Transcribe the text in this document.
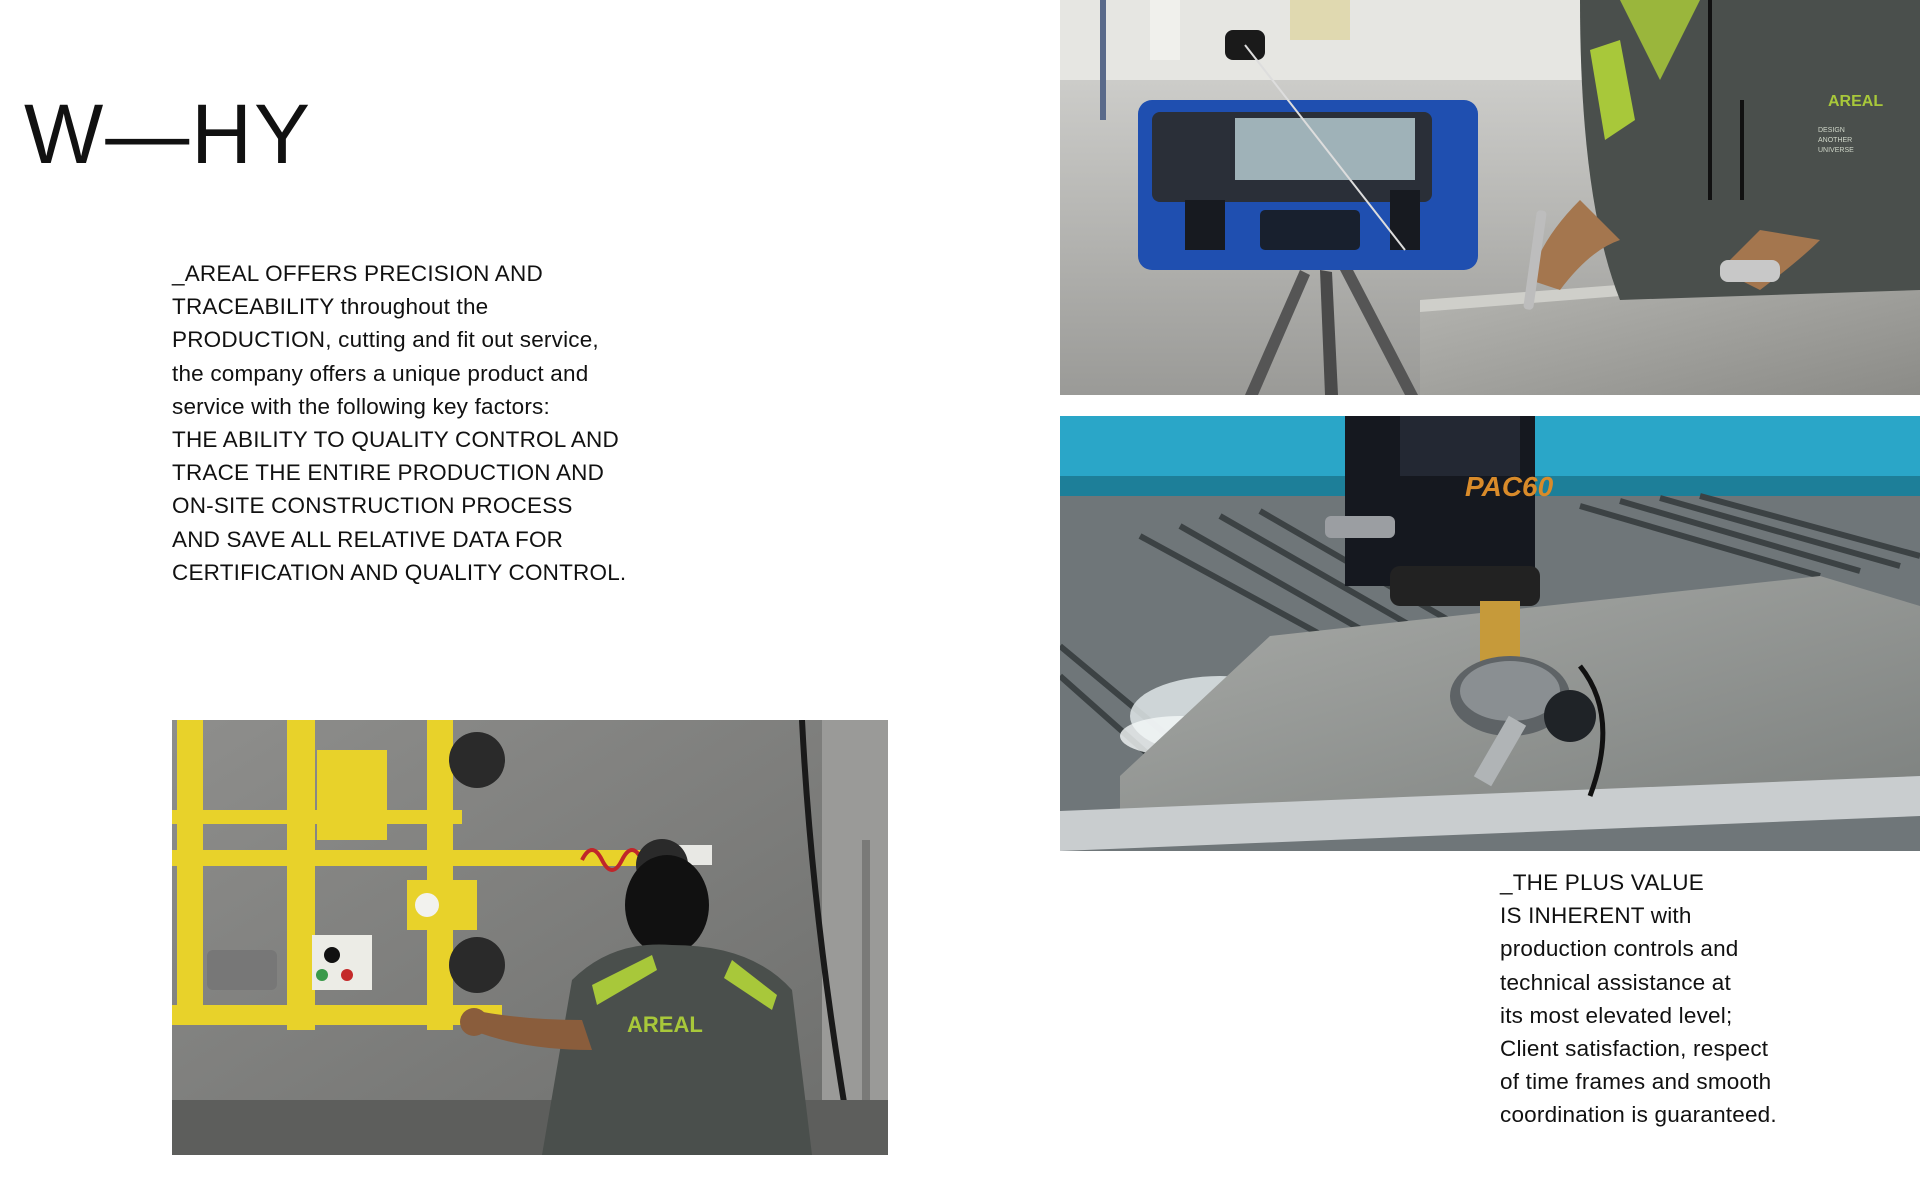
W—HY
_AREAL OFFERS PRECISION AND
TRACEABILITY throughout the
PRODUCTION, cutting and fit out service,
the company offers a unique product and
service with the following key factors:
THE ABILITY TO QUALITY CONTROL AND
TRACE THE ENTIRE PRODUCTION AND
ON-SITE CONSTRUCTION PROCESS
AND SAVE ALL RELATIVE DATA FOR
CERTIFICATION AND QUALITY CONTROL.
AREAL
DESIGN
ANOTHER
UNIVERSE
PAC60
AREAL
_THE PLUS VALUE
IS INHERENT with
production controls and
technical assistance at
its most elevated level;
Client satisfaction, respect
of time frames and smooth
coordination is guaranteed.
